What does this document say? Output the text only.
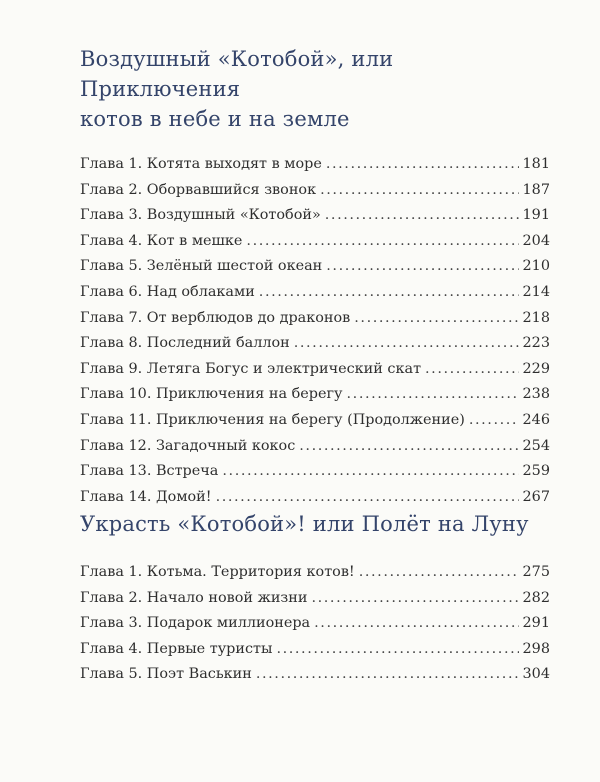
Воздушный «Котобой», или Приключения
котов в небе и на земле
Глава 1. Котята выходят в море . . .	181
Глава 2. Оборвавшийся звонок . . .	187
Глава 3. Воздушный «Котобой» . . .	191
Глава 4. Кот в мешке . . .	204
Глава 5. Зелёный шестой океан . . .	210
Глава 6. Над облаками . . .	214
Глава 7. От верблюдов до драконов . . .	218
Глава 8. Последний баллон . . .	223
Глава 9. Летяга Богус и электрический скат . . .	229
Глава 10. Приключения на берегу . . .	238
Глава 11. Приключения на берегу (Продолжение) . . .	246
Глава 12. Загадочный кокос . . .	254
Глава 13. Встреча . . .	259
Глава 14. Домой! . . .	267
Украсть «Котобой»! или Полёт на Луну
Глава 1. Котьма. Территория котов! . . .	275
Глава 2. Начало новой жизни . . .	282
Глава 3. Подарок миллионера . . .	291
Глава 4. Первые туристы . . .	298
Глава 5. Поэт Васькин . . .	304
